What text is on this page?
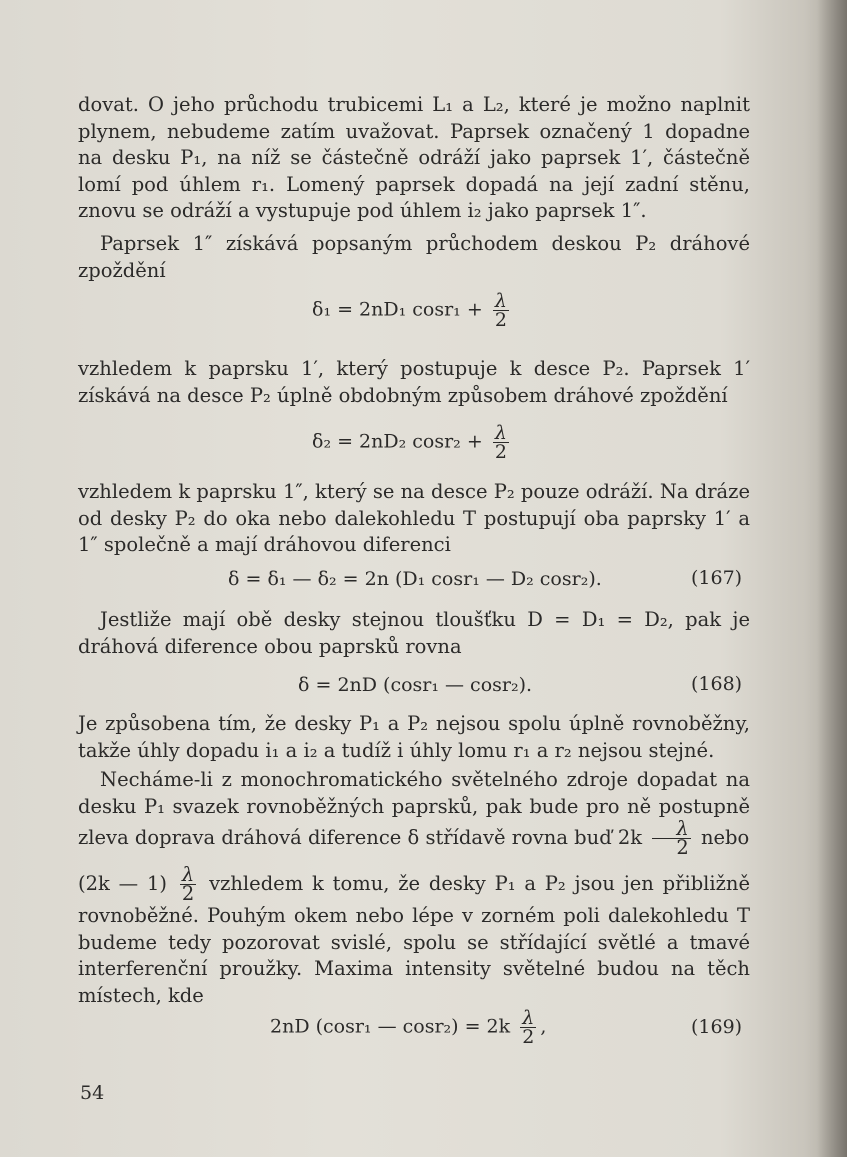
dovat. O jeho průchodu trubicemi L₁ a L₂, které je možno naplnit plynem, nebudeme zatím uvažovat. Paprsek označený 1 dopadne na desku P₁, na níž se částečně odráží jako paprsek 1′, částečně lomí pod úhlem r₁. Lomený paprsek dopadá na její zadní stěnu, znovu se odráží a vystupuje pod úhlem i₂ jako paprsek 1″.
Paprsek 1″ získává popsaným průchodem deskou P₂ dráhové zpoždění
δ₁ = 2nD₁ $\cos r_1 + \frac{\lambda}{2}$
vzhledem k paprsku 1′, který postupuje k desce P₂. Paprsek 1′ získává na desce P₂ úplně obdobným způsobem dráhové zpoždění
δ₂ = 2nD₂ $\cos r_2 + \frac{\lambda}{2}$
vzhledem k paprsku 1″, který se na desce P₂ pouze odráží. Na dráze od desky P₂ do oka nebo dalekohledu T postupují oba paprsky 1′ a 1″ společně a mají dráhovou diferenci
δ = δ₁ — δ₂ = 2n (D₁ cosr₁ — D₂ cosr₂).	(167)
Jestliže mají obě desky stejnou tloušťku D = D₁ = D₂, pak je dráhová diference obou paprsků rovna
δ = 2nD (cosr₁ — cosr₂).	(168)
Je způsobena tím, že desky P₁ a P₂ nejsou spolu úplně rovnoběžny, takže úhly dopadu i₁ a i₂ a tudíž i úhly lomu r₁ a r₂ nejsou stejné.
Necháme-li z monochromatického světelného zdroje dopadat na desku P₁ svazek rovnoběžných paprsků, pak bude pro ně postupně zleva doprava dráhová diference δ střídavě rovna buď $2k \frac{\lambda}{2}$ nebo
(2k — $1) \frac{\lambda}{2}$ vzhledem k tomu, že desky P₁ a P₂ jsou jen přibližně rovnoběžné. Pouhým okem nebo lépe v zorném poli dalekohledu T budeme tedy pozorovat svislé, spolu se střídající světlé a tmavé interferenční proužky. Maxima intensity světelné budou na těch místech, kde
2nD (cosr₁ — $\cos r_2) = 2k \frac{\lambda}{2}$ ,	(169)
54
